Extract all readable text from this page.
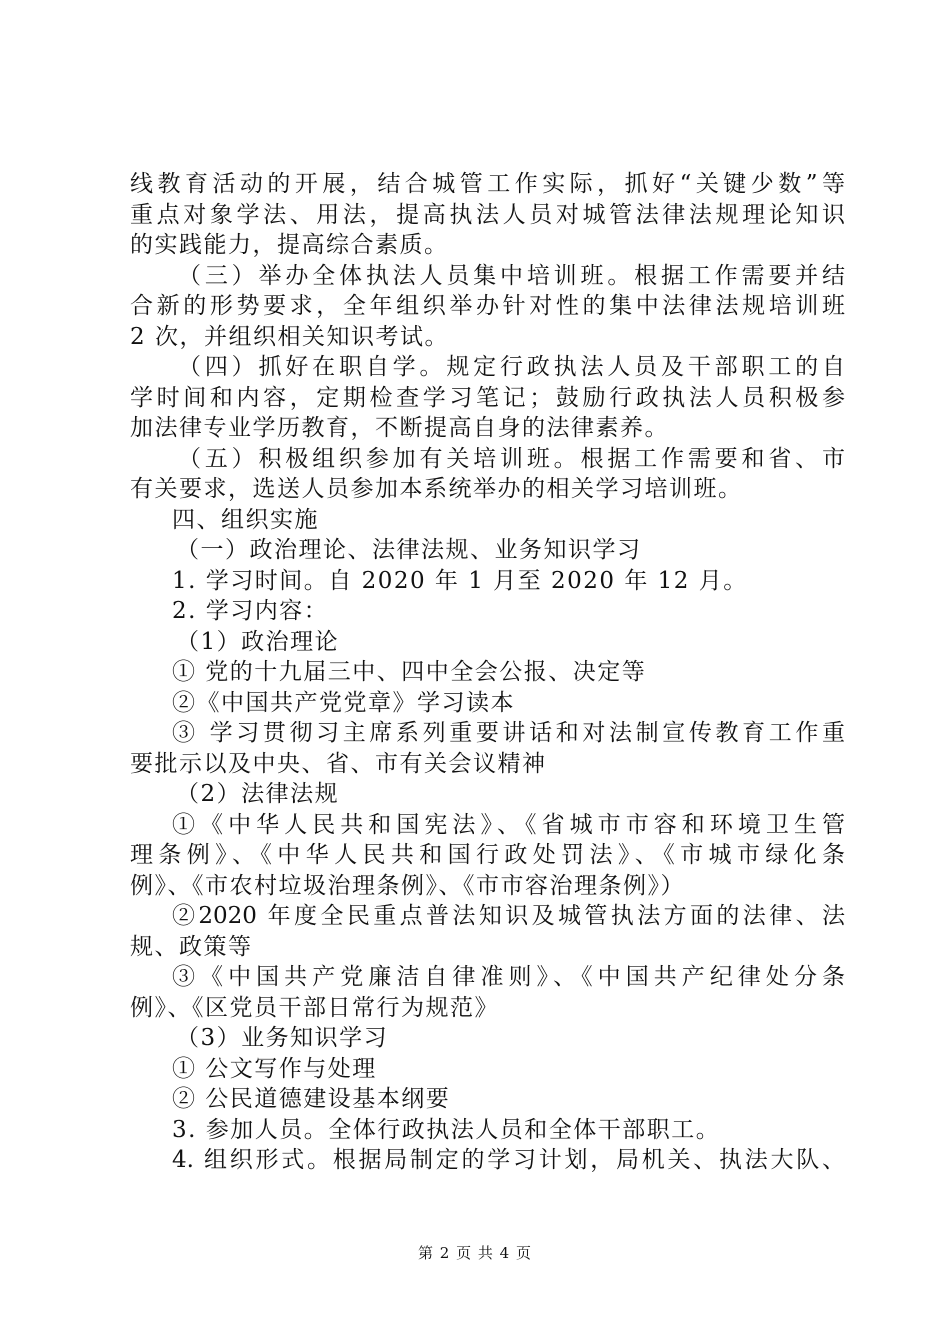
线教育活动的开展，结合城管工作实际，抓好“关键少数”等
重点对象学法、用法，提高执法人员对城管法律法规理论知识
的实践能力，提高综合素质。
（三）举办全体执法人员集中培训班。根据工作需要并结
合新的形势要求，全年组织举办针对性的集中法律法规培训班
2 次，并组织相关知识考试。
（四）抓好在职自学。规定行政执法人员及干部职工的自
学时间和内容，定期检查学习笔记；鼓励行政执法人员积极参
加法律专业学历教育，不断提高自身的法律素养。
（五）积极组织参加有关培训班。根据工作需要和省、市
有关要求，选送人员参加本系统举办的相关学习培训班。
四、组织实施
（一）政治理论、法律法规、业务知识学习
1. 学习时间。自 2020 年 1 月至 2020 年 12 月。
2. 学习内容：
（1）政治理论
① 党的十九届三中、四中全会公报、决定等
②《中国共产党党章》学习读本
③ 学习贯彻习主席系列重要讲话和对法制宣传教育工作重
要批示以及中央、省、市有关会议精神
（2）法律法规
①《中华人民共和国宪法》、《省城市市容和环境卫生管
理条例》、《中华人民共和国行政处罚法》、《市城市绿化条
例》、《市农村垃圾治理条例》、《市市容治理条例》）
②2020 年度全民重点普法知识及城管执法方面的法律、法
规、政策等
③《中国共产党廉洁自律准则》、《中国共产纪律处分条
例》、《区党员干部日常行为规范》
（3）业务知识学习
① 公文写作与处理
② 公民道德建设基本纲要
3. 参加人员。全体行政执法人员和全体干部职工。
4. 组织形式。根据局制定的学习计划，局机关、执法大队、
第 2 页 共 4 页
